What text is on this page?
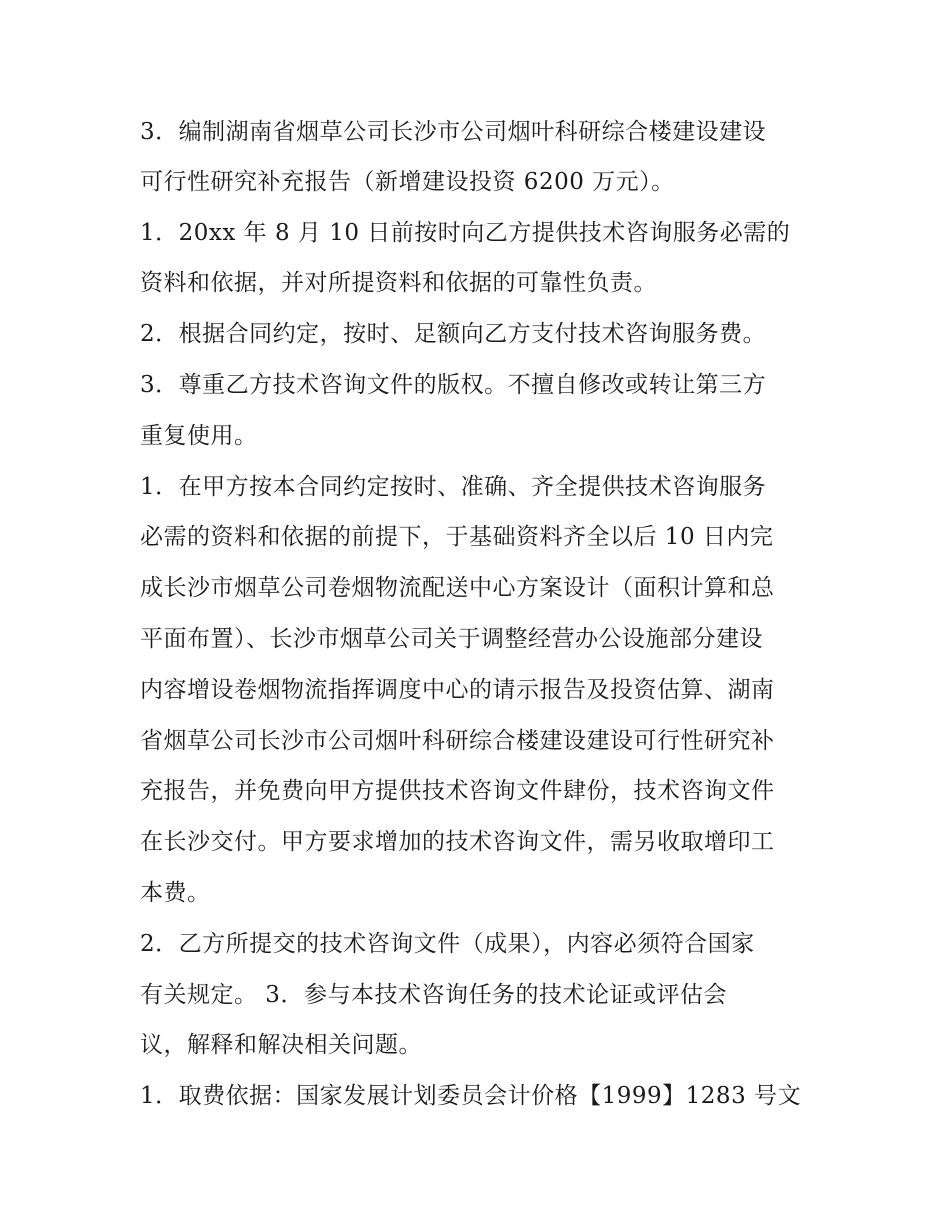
3．编制湖南省烟草公司长沙市公司烟叶科研综合楼建设建设
可行性研究补充报告（新增建设投资 6200 万元）。
1．20xx 年 8 月 10 日前按时向乙方提供技术咨询服务必需的
资料和依据，并对所提资料和依据的可靠性负责。
2．根据合同约定，按时、足额向乙方支付技术咨询服务费。
3．尊重乙方技术咨询文件的版权。不擅自修改或转让第三方
重复使用。
1．在甲方按本合同约定按时、准确、齐全提供技术咨询服务
必需的资料和依据的前提下，于基础资料齐全以后 10 日内完
成长沙市烟草公司卷烟物流配送中心方案设计（面积计算和总
平面布置）、长沙市烟草公司关于调整经营办公设施部分建设
内容增设卷烟物流指挥调度中心的请示报告及投资估算、湖南
省烟草公司长沙市公司烟叶科研综合楼建设建设可行性研究补
充报告，并免费向甲方提供技术咨询文件肆份，技术咨询文件
在长沙交付。甲方要求增加的技术咨询文件，需另收取增印工
本费。
2．乙方所提交的技术咨询文件（成果），内容必须符合国家
有关规定。 3．参与本技术咨询任务的技术论证或评估会
议，解释和解决相关问题。
1．取费依据：国家发展计划委员会计价格【1999】1283 号文
